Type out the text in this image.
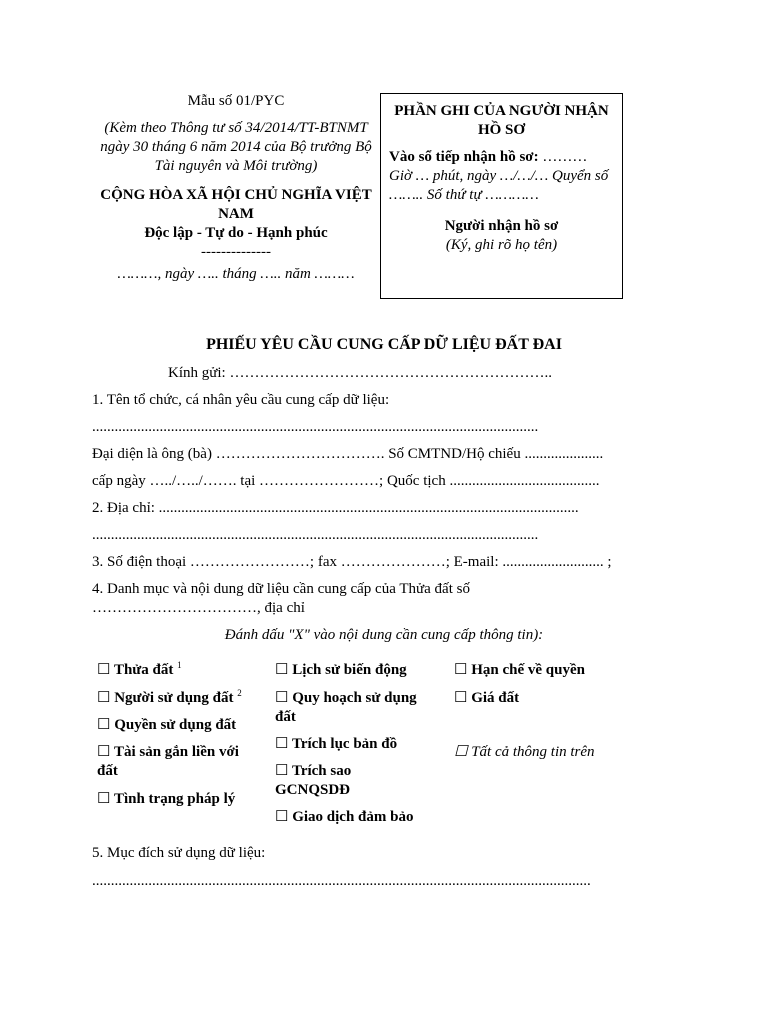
Mẫu số 01/PYC
(Kèm theo Thông tư số 34/2014/TT-BTNMT ngày 30 tháng 6 năm 2014 của Bộ trưởng Bộ Tài nguyên và Môi trường)
CỘNG HÒA XÃ HỘI CHỦ NGHĨA VIỆT NAM
Độc lập - Tự do - Hạnh phúc
--------------
………, ngày ….. tháng ….. năm ………
PHẦN GHI CỦA NGƯỜI NHẬN HỒ SƠ
Vào sổ tiếp nhận hồ sơ: ……… Giờ … phút, ngày …/…/… Quyển số …….. Số thứ tự …………
Người nhận hồ sơ
(Ký, ghi rõ họ tên)
PHIẾU YÊU CẦU CUNG CẤP DỮ LIỆU ĐẤT ĐAI
Kính gửi: ………………………………………………………..
1. Tên tổ chức, cá nhân yêu cầu cung cấp dữ liệu:
.......................................................................................................................
Đại diện là ông (bà) ……………………………. Số CMTND/Hộ chiếu .....................
cấp ngày …../…../……. tại ……………………; Quốc tịch ........................................
2. Địa chỉ: ................................................................................................................
.......................................................................................................................
3. Số điện thoại ……………………; fax …………………; E-mail: ........................... ;
4. Danh mục và nội dung dữ liệu cần cung cấp của Thửa đất số
……………………………, địa chỉ
Đánh dấu "X" vào nội dung cần cung cấp thông tin):
☐ Thửa đất $^1$
☐ Người sử dụng đất $^2$
☐ Quyền sử dụng đất
☐ Tài sản gắn liền với đất
☐ Tình trạng pháp lý
☐ Lịch sử biến động
☐ Quy hoạch sử dụng đất
☐ Trích lục bản đồ
☐ Trích sao GCNQSDĐ
☐ Giao dịch đảm bảo
☐ Hạn chế về quyền
☐ Giá đất
☐ Tất cả thông tin trên
5. Mục đích sử dụng dữ liệu:
.....................................................................................................................................
